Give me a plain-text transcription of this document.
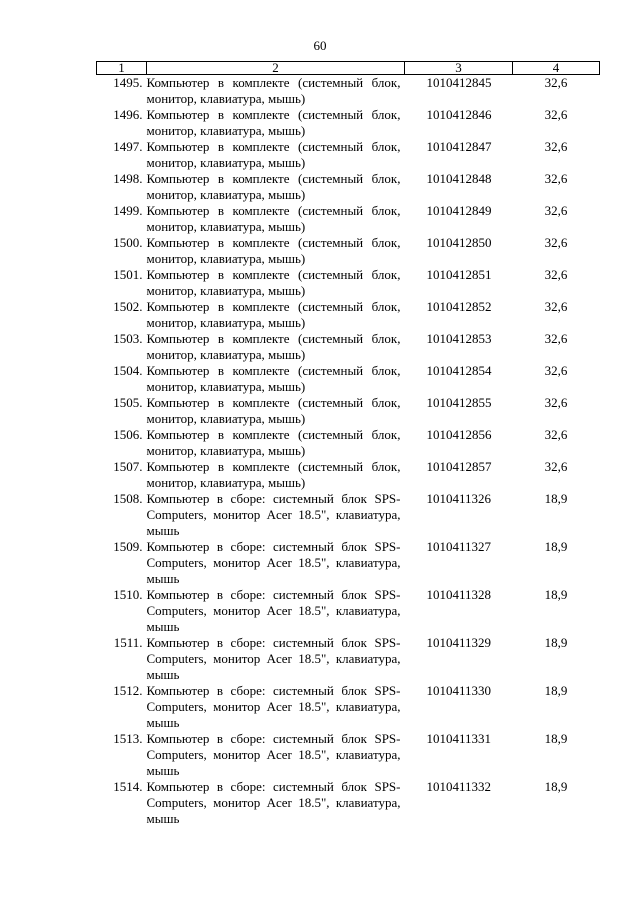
60
1	2	3	4
1495.	Компьютер в комплекте (системный блок, монитор, клавиатура, мышь)	1010412845	32,6
1496.	Компьютер в комплекте (системный блок, монитор, клавиатура, мышь)	1010412846	32,6
1497.	Компьютер в комплекте (системный блок, монитор, клавиатура, мышь)	1010412847	32,6
1498.	Компьютер в комплекте (системный блок, монитор, клавиатура, мышь)	1010412848	32,6
1499.	Компьютер в комплекте (системный блок, монитор, клавиатура, мышь)	1010412849	32,6
1500.	Компьютер в комплекте (системный блок, монитор, клавиатура, мышь)	1010412850	32,6
1501.	Компьютер в комплекте (системный блок, монитор, клавиатура, мышь)	1010412851	32,6
1502.	Компьютер в комплекте (системный блок, монитор, клавиатура, мышь)	1010412852	32,6
1503.	Компьютер в комплекте (системный блок, монитор, клавиатура, мышь)	1010412853	32,6
1504.	Компьютер в комплекте (системный блок, монитор, клавиатура, мышь)	1010412854	32,6
1505.	Компьютер в комплекте (системный блок, монитор, клавиатура, мышь)	1010412855	32,6
1506.	Компьютер в комплекте (системный блок, монитор, клавиатура, мышь)	1010412856	32,6
1507.	Компьютер в комплекте (системный блок, монитор, клавиатура, мышь)	1010412857	32,6
1508.	Компьютер в сборе: системный блок SPS-Computers, монитор Acer 18.5", клавиатура, мышь	1010411326	18,9
1509.	Компьютер в сборе: системный блок SPS-Computers, монитор Acer 18.5", клавиатура, мышь	1010411327	18,9
1510.	Компьютер в сборе: системный блок SPS-Computers, монитор Acer 18.5", клавиатура, мышь	1010411328	18,9
1511.	Компьютер в сборе: системный блок SPS-Computers, монитор Acer 18.5", клавиатура, мышь	1010411329	18,9
1512.	Компьютер в сборе: системный блок SPS-Computers, монитор Acer 18.5", клавиатура, мышь	1010411330	18,9
1513.	Компьютер в сборе: системный блок SPS-Computers, монитор Acer 18.5", клавиатура, мышь	1010411331	18,9
1514.	Компьютер в сборе: системный блок SPS-Computers, монитор Acer 18.5", клавиатура, мышь	1010411332	18,9
